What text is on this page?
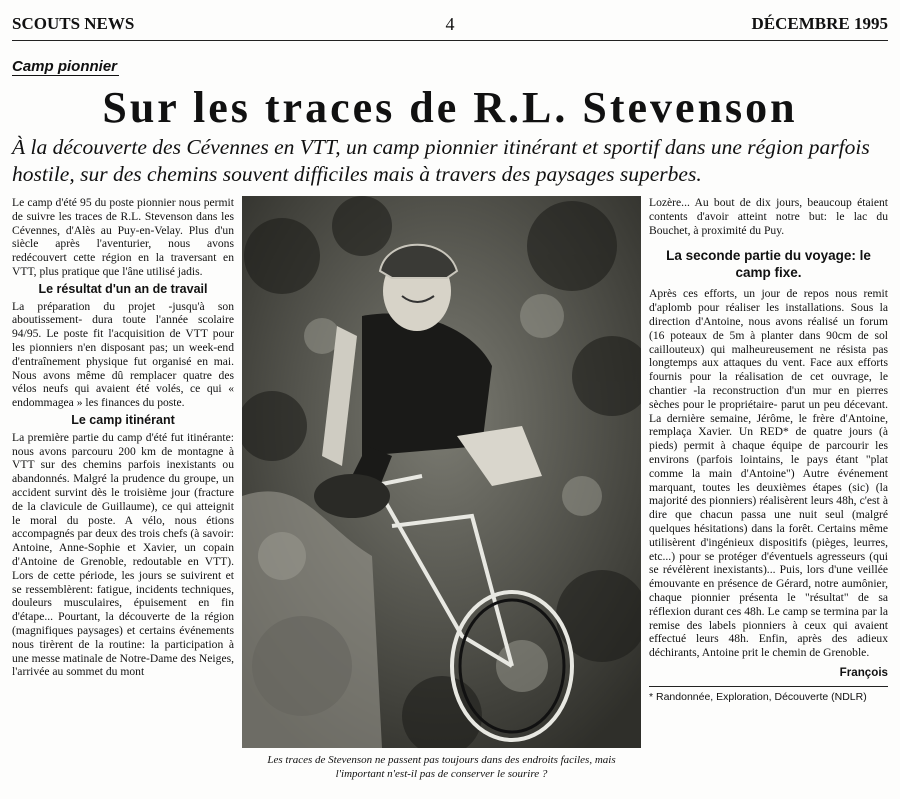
SCOUTS NEWS	4	DÉCEMBRE 1995
Camp pionnier
Sur les traces de R.L. Stevenson
À la découverte des Cévennes en VTT, un camp pionnier itinérant et sportif dans une région parfois hostile, sur des chemins souvent difficiles mais à travers des paysages superbes.

Le camp d'été 95 du poste pionnier nous permit de suivre les traces de R.L. Stevenson dans les Cévennes, d'Alès au Puy-en-Velay. Plus d'un siècle après l'aventurier, nous avons redécouvert cette région en la traversant en VTT, plus pratique que l'âne utilisé jadis.

Le résultat d'un an de travail

La préparation du projet -jusqu'à son aboutissement- dura toute l'année scolaire 94/95. Le poste fit l'acquisition de VTT pour les pionniers n'en disposant pas; un week-end d'entraînement physique fut organisé en mai. Nous avons même dû remplacer quatre des vélos neufs qui avaient été volés, ce qui « endommagea » les finances du poste.

Le camp itinérant

La première partie du camp d'été fut itinérante: nous avons parcouru 200 km de montagne à VTT sur des chemins parfois inexistants ou abandonnés. Malgré la prudence du groupe, un accident survint dès le troisième jour (fracture de la clavicule de Guillaume), ce qui atteignit le moral du poste. A vélo, nous étions accompagnés par deux des trois chefs (à savoir: Antoine, Anne-Sophie et Xavier, un copain d'Antoine de Grenoble, redoutable en VTT). Lors de cette période, les jours se suivirent et se ressemblèrent: fatigue, incidents techniques, douleurs musculaires, épuisement en fin d'étape... Pourtant, la découverte de la région (magnifiques paysages) et certains événements nous tirèrent de la routine: la participation à une messe matinale de Notre-Dame des Neiges, l'arrivée au sommet du mont

Les traces de Stevenson ne passent pas toujours dans des endroits faciles, mais l'important n'est-il pas de conserver le sourire ?

Lozère... Au bout de dix jours, beaucoup étaient contents d'avoir atteint notre but: le lac du Bouchet, à proximité du Puy.

La seconde partie du voyage: le camp fixe.

Après ces efforts, un jour de repos nous remit d'aplomb pour réaliser les installations. Sous la direction d'Antoine, nous avons réalisé un forum (16 poteaux de 5m à planter dans 90cm de sol caillouteux) qui malheureusement ne résista pas longtemps aux attaques du vent. Face aux efforts fournis pour la réalisation de cet ouvrage, le chantier -la reconstruction d'un mur en pierres sèches pour le propriétaire- parut un peu décevant. La dernière semaine, Jérôme, le frère d'Antoine, remplaça Xavier. Un RED* de quatre jours (à pieds) permit à chaque équipe de parcourir les environs (parfois lointains, le pays étant "plat comme la main d'Antoine") Autre événement marquant, toutes les deuxièmes étapes (sic) (la majorité des pionniers) réalisèrent leurs 48h, c'est à dire que chacun passa une nuit seul (malgré quelques hésitations) dans la forêt. Certains même utilisèrent d'ingénieux dispositifs (pièges, leurres, etc...) pour se protéger d'éventuels agresseurs (qui se révélèrent inexistants)... Puis, lors d'une veillée émouvante en présence de Gérard, notre aumônier, chaque pionnier présenta le "résultat" de sa réflexion durant ces 48h. Le camp se termina par la remise des labels pionniers à ceux qui avaient effectué leurs 48h. Enfin, après des adieux déchirants, Antoine prit le chemin de Grenoble.

François
* Randonnée, Exploration, Découverte (NDLR)
